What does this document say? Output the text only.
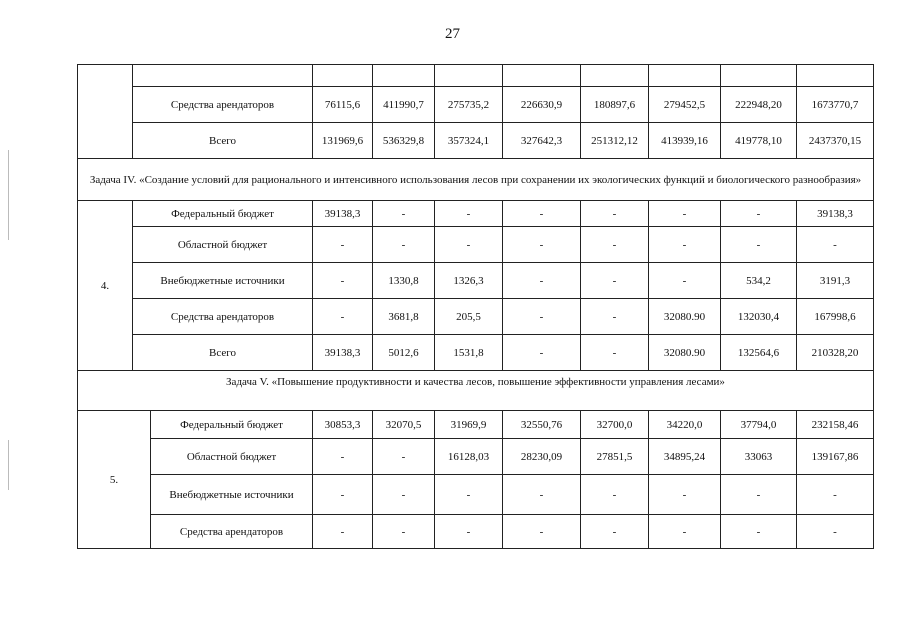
27

	Средства арендаторов		76115,6	411990,7	275735,2	226630,9	180897,6	279452,5	222948,20	1673770,7
	Всего		131969,6	536329,8	357324,1	327642,3	251312,12	413939,16	419778,10	2437370,15
Задача IV. «Создание условий для рационального и интенсивного использования лесов при сохранении их экологических функций и биологического разнообразия»										
4.	Федеральный бюджет		39138,3	-	-	-	-	-	-	39138,3
	Областной бюджет		-	-	-	-	-	-	-	-
	Внебюджетные источники		-	1330,8	1326,3	-	-	-	534,2	3191,3
	Средства арендаторов		-	3681,8	205,5	-	-	32080.90	132030,4	167998,6
	Всего		39138,3	5012,6	1531,8	-	-	32080.90	132564,6	210328,20
Задача V. «Повышение продуктивности и качества лесов, повышение эффективности управления лесами»										
5.		Федеральный бюджет	30853,3	32070,5	31969,9	32550,76	32700,0	34220,0	37794,0	232158,46
		Областной бюджет	-	-	16128,03	28230,09	27851,5	34895,24	33063	139167,86
		Внебюджетные источники	-	-	-	-	-	-	-	-
		Средства арендаторов	-	-	-	-	-	-	-	-
